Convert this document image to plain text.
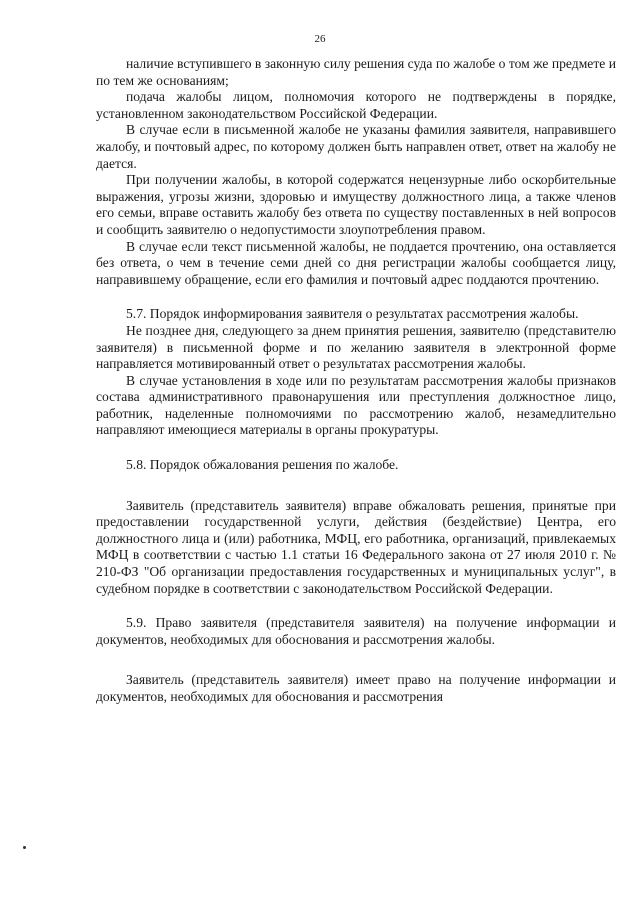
26

наличие вступившего в законную силу решения суда по жалобе о том же предмете и по тем же основаниям;

подача жалобы лицом, полномочия которого не подтверждены в порядке, установленном законодательством Российской Федерации.

В случае если в письменной жалобе не указаны фамилия заявителя, направившего жалобу, и почтовый адрес, по которому должен быть направлен ответ, ответ на жалобу не дается.

При получении жалобы, в которой содержатся нецензурные либо оскорбительные выражения, угрозы жизни, здоровью и имуществу должностного лица, а также членов его семьи, вправе оставить жалобу без ответа по существу поставленных в ней вопросов и сообщить заявителю о недопустимости злоупотребления правом.

В случае если текст письменной жалобы, не поддается прочтению, она оставляется без ответа, о чем в течение семи дней со дня регистрации жалобы сообщается лицу, направившему обращение, если его фамилия и почтовый адрес поддаются прочтению.

5.7. Порядок информирования заявителя о результатах рассмотрения жалобы.

Не позднее дня, следующего за днем принятия решения, заявителю (представителю заявителя) в письменной форме и по желанию заявителя в электронной форме направляется мотивированный ответ о результатах рассмотрения жалобы.

В случае установления в ходе или по результатам рассмотрения жалобы признаков состава административного правонарушения или преступления должностное лицо, работник, наделенные полномочиями по рассмотрению жалоб, незамедлительно направляют имеющиеся материалы в органы прокуратуры.

5.8. Порядок обжалования решения по жалобе.

Заявитель (представитель заявителя) вправе обжаловать решения, принятые при предоставлении государственной услуги, действия (бездействие) Центра, его должностного лица и (или) работника, МФЦ, его работника, организаций, привлекаемых МФЦ в соответствии с частью 1.1 статьи 16 Федерального закона от 27 июля 2010 г. № 210-ФЗ "Об организации предоставления государственных и муниципальных услуг", в судебном порядке в соответствии с законодательством Российской Федерации.

5.9. Право заявителя (представителя заявителя) на получение информации и документов, необходимых для обоснования и рассмотрения жалобы.

Заявитель (представитель заявителя) имеет право на получение информации и документов, необходимых для обоснования и рассмотрения
